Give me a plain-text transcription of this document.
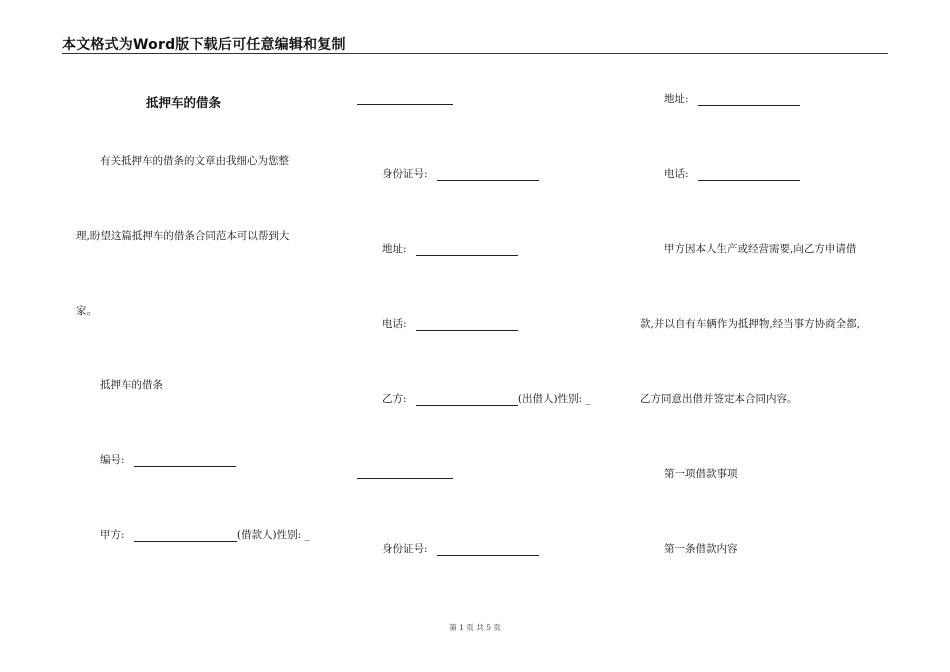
本文格式为Word版下载后可任意编辑和复制
抵押车的借条
有关抵押车的借条的文章由我细心为您整
理,盼望这篇抵押车的借条合同范本可以帮到大
家。
抵押车的借条
编号:
甲方:	(借款人)性别: _
身份证号:
地址:
电话:
乙方:	(出借人)性别: _
身份证号:
地址:
电话:
甲方因本人生产或经营需要,向乙方申请借
款,并以自有车辆作为抵押物,经当事方协商全都,
乙方同意出借并签定本合同内容。
第一项借款事项
第一条借款内容
第 1 页 共 5 页
